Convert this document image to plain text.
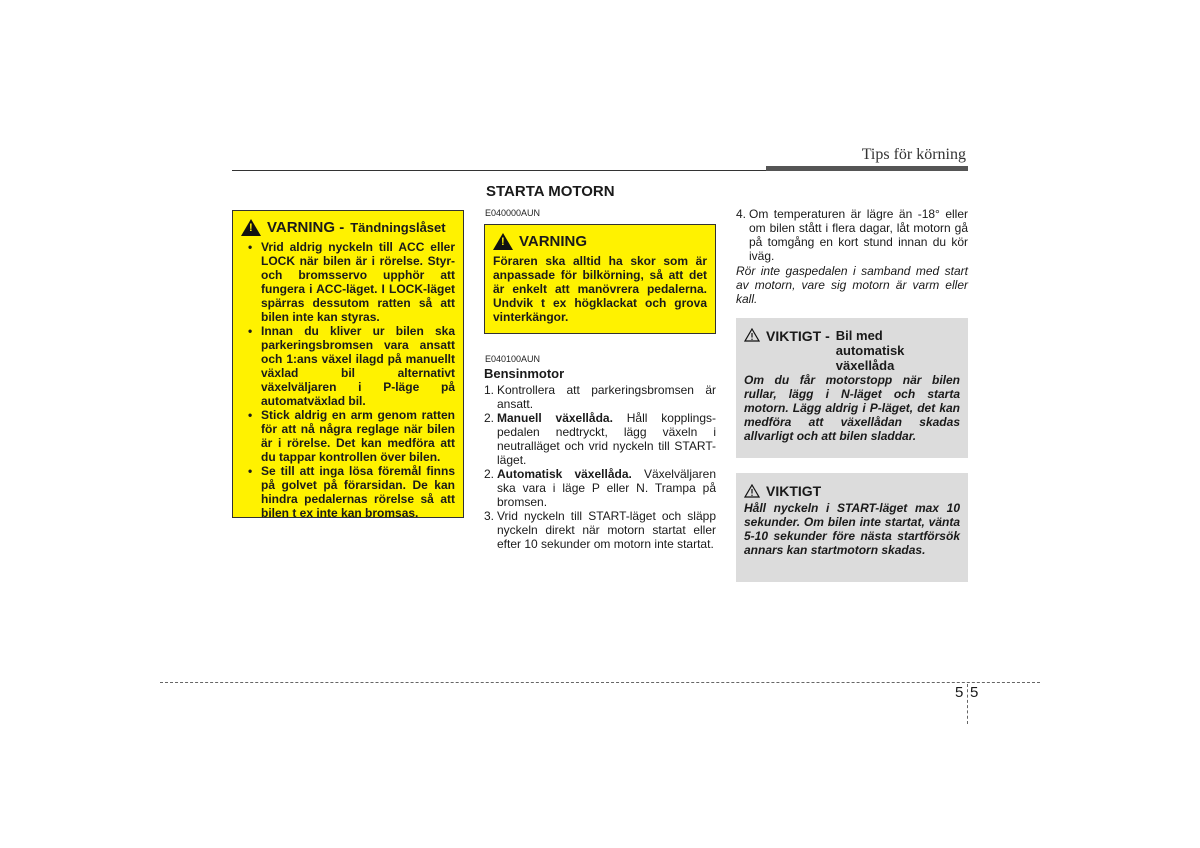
Tips för körning
!
VARNING - Tändningslåset
• Vrid aldrig nyckeln till ACC eller LOCK när bilen är i rörelse. Styr- och bromsservo upphör att fungera i ACC-läget. I LOCK-läget spärras dessutom ratten så att bilen inte kan styras.
• Innan du kliver ur bilen ska parkeringsbromsen vara ansatt och 1:ans växel ilagd på manuellt växlad bil alternativt växelväljaren i P-läge på automatväxlad bil.
• Stick aldrig en arm genom ratten för att nå några reglage när bilen är i rörelse. Det kan medföra att du tappar kontrollen över bilen.
• Se till att inga lösa föremål finns på golvet på förarsidan. De kan hindra pedalernas rörelse så att bilen t ex inte kan bromsas.
STARTA MOTORN
E040000AUN
!
VARNING
Föraren ska alltid ha skor som är anpassade för bilkörning, så att det är enkelt att manövrera pedalerna. Undvik t ex högklackat och grova vinterkängor.
E040100AUN
Bensinmotor
1. Kontrollera att parkeringsbromsen är ansatt.
2. Manuell växellåda. Håll kopplings-pedalen nedtryckt, lägg växeln i neutralläget och vrid nyckeln till START-läget.
2. Automatisk växellåda. Växelväljaren ska vara i läge P eller N. Trampa på bromsen.
3. Vrid nyckeln till START-läget och släpp nyckeln direkt när motorn startat eller efter 10 sekunder om motorn inte startat.
4. Om temperaturen är lägre än -18° eller om bilen stått i flera dagar, låt motorn gå på tomgång en kort stund innan du kör iväg.
Rör inte gaspedalen i samband med start av motorn, vare sig motorn är varm eller kall.
VIKTIGT - Bil med automatisk växellåda
Om du får motorstopp när bilen rullar, lägg i N-läget och starta motorn. Lägg aldrig i P-läget, det kan medföra att växellådan skadas allvarligt och att bilen sladdar.
VIKTIGT
Håll nyckeln i START-läget max 10 sekunder. Om bilen inte startat, vänta 5-10 sekunder före nästa startförsök annars kan startmotorn skadas.
5 5
